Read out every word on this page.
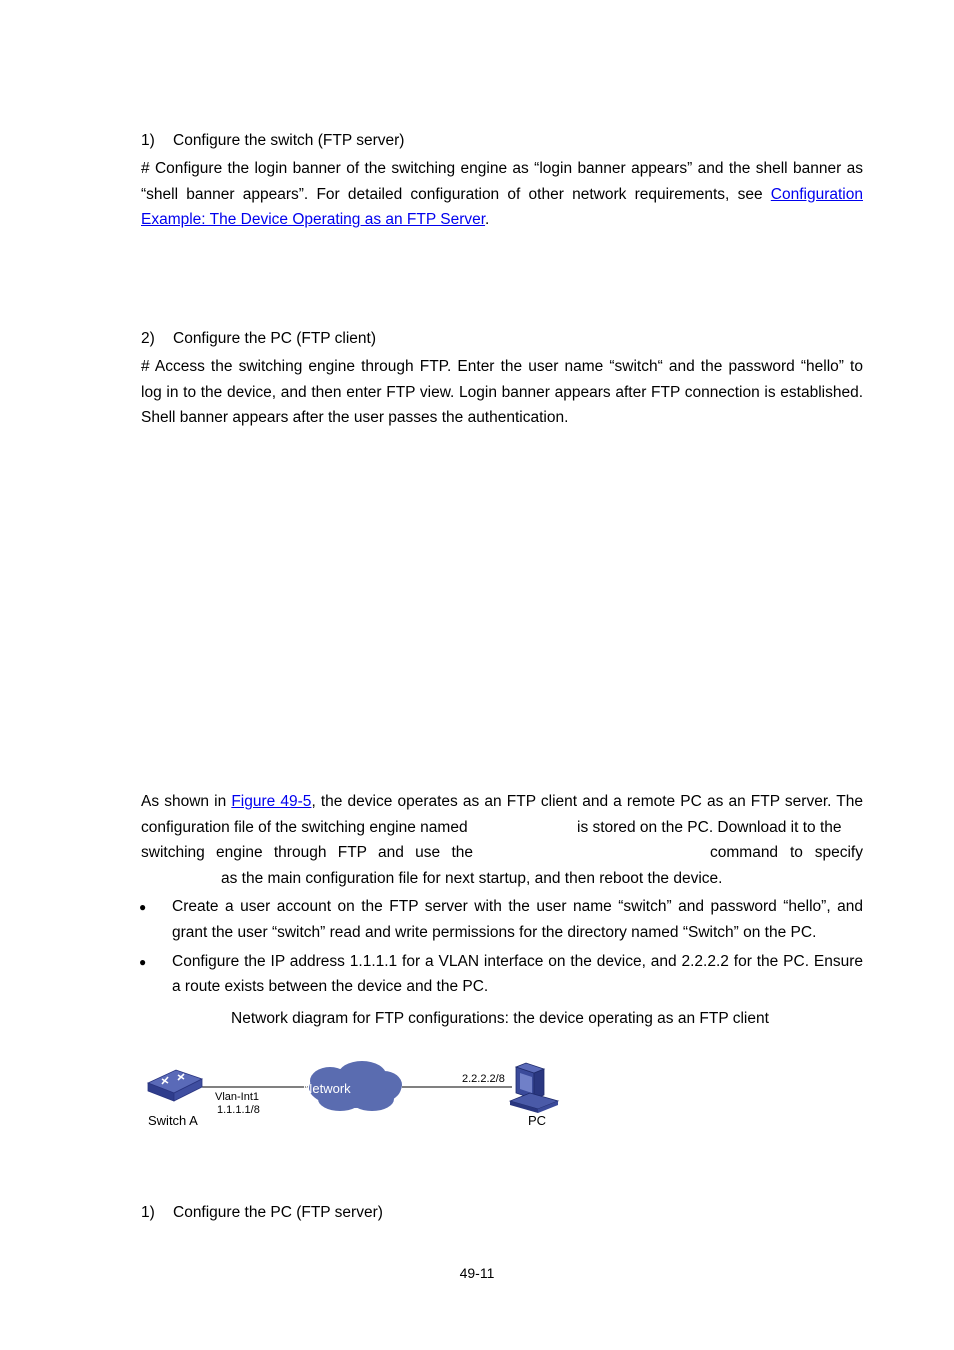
1) Configure the switch (FTP server)
# Configure the login banner of the switching engine as “login banner appears” and the shell banner as
“shell banner appears”. For detailed configuration of other network requirements, see Configuration
Example: The Device Operating as an FTP Server.
2) Configure the PC (FTP client)
# Access the switching engine through FTP. Enter the user name “switch“ and the password “hello” to
log in to the device, and then enter FTP view. Login banner appears after FTP connection is established.
Shell banner appears after the user passes the authentication.
As shown in Figure 49-5, the device operates as an FTP client and a remote PC as an FTP server. The
configuration file of the switching engine named	is stored on the PC. Download it to the
switching engine through FTP and use the	command to specify
as the main configuration file for next startup, and then reboot the device.
● Create a user account on the FTP server with the user name “switch” and password “hello”, and
grant the user “switch” read and write permissions for the directory named “Switch” on the PC.
● Configure the IP address 1.1.1.1 for a VLAN interface on the device, and 2.2.2.2 for the PC. Ensure
a route exists between the device and the PC.
Network diagram for FTP configurations: the device operating as an FTP client
Network
Vlan-Int1
1.1.1.1/8
2.2.2.2/8
Switch A	PC
1) Configure the PC (FTP server)
49-11
